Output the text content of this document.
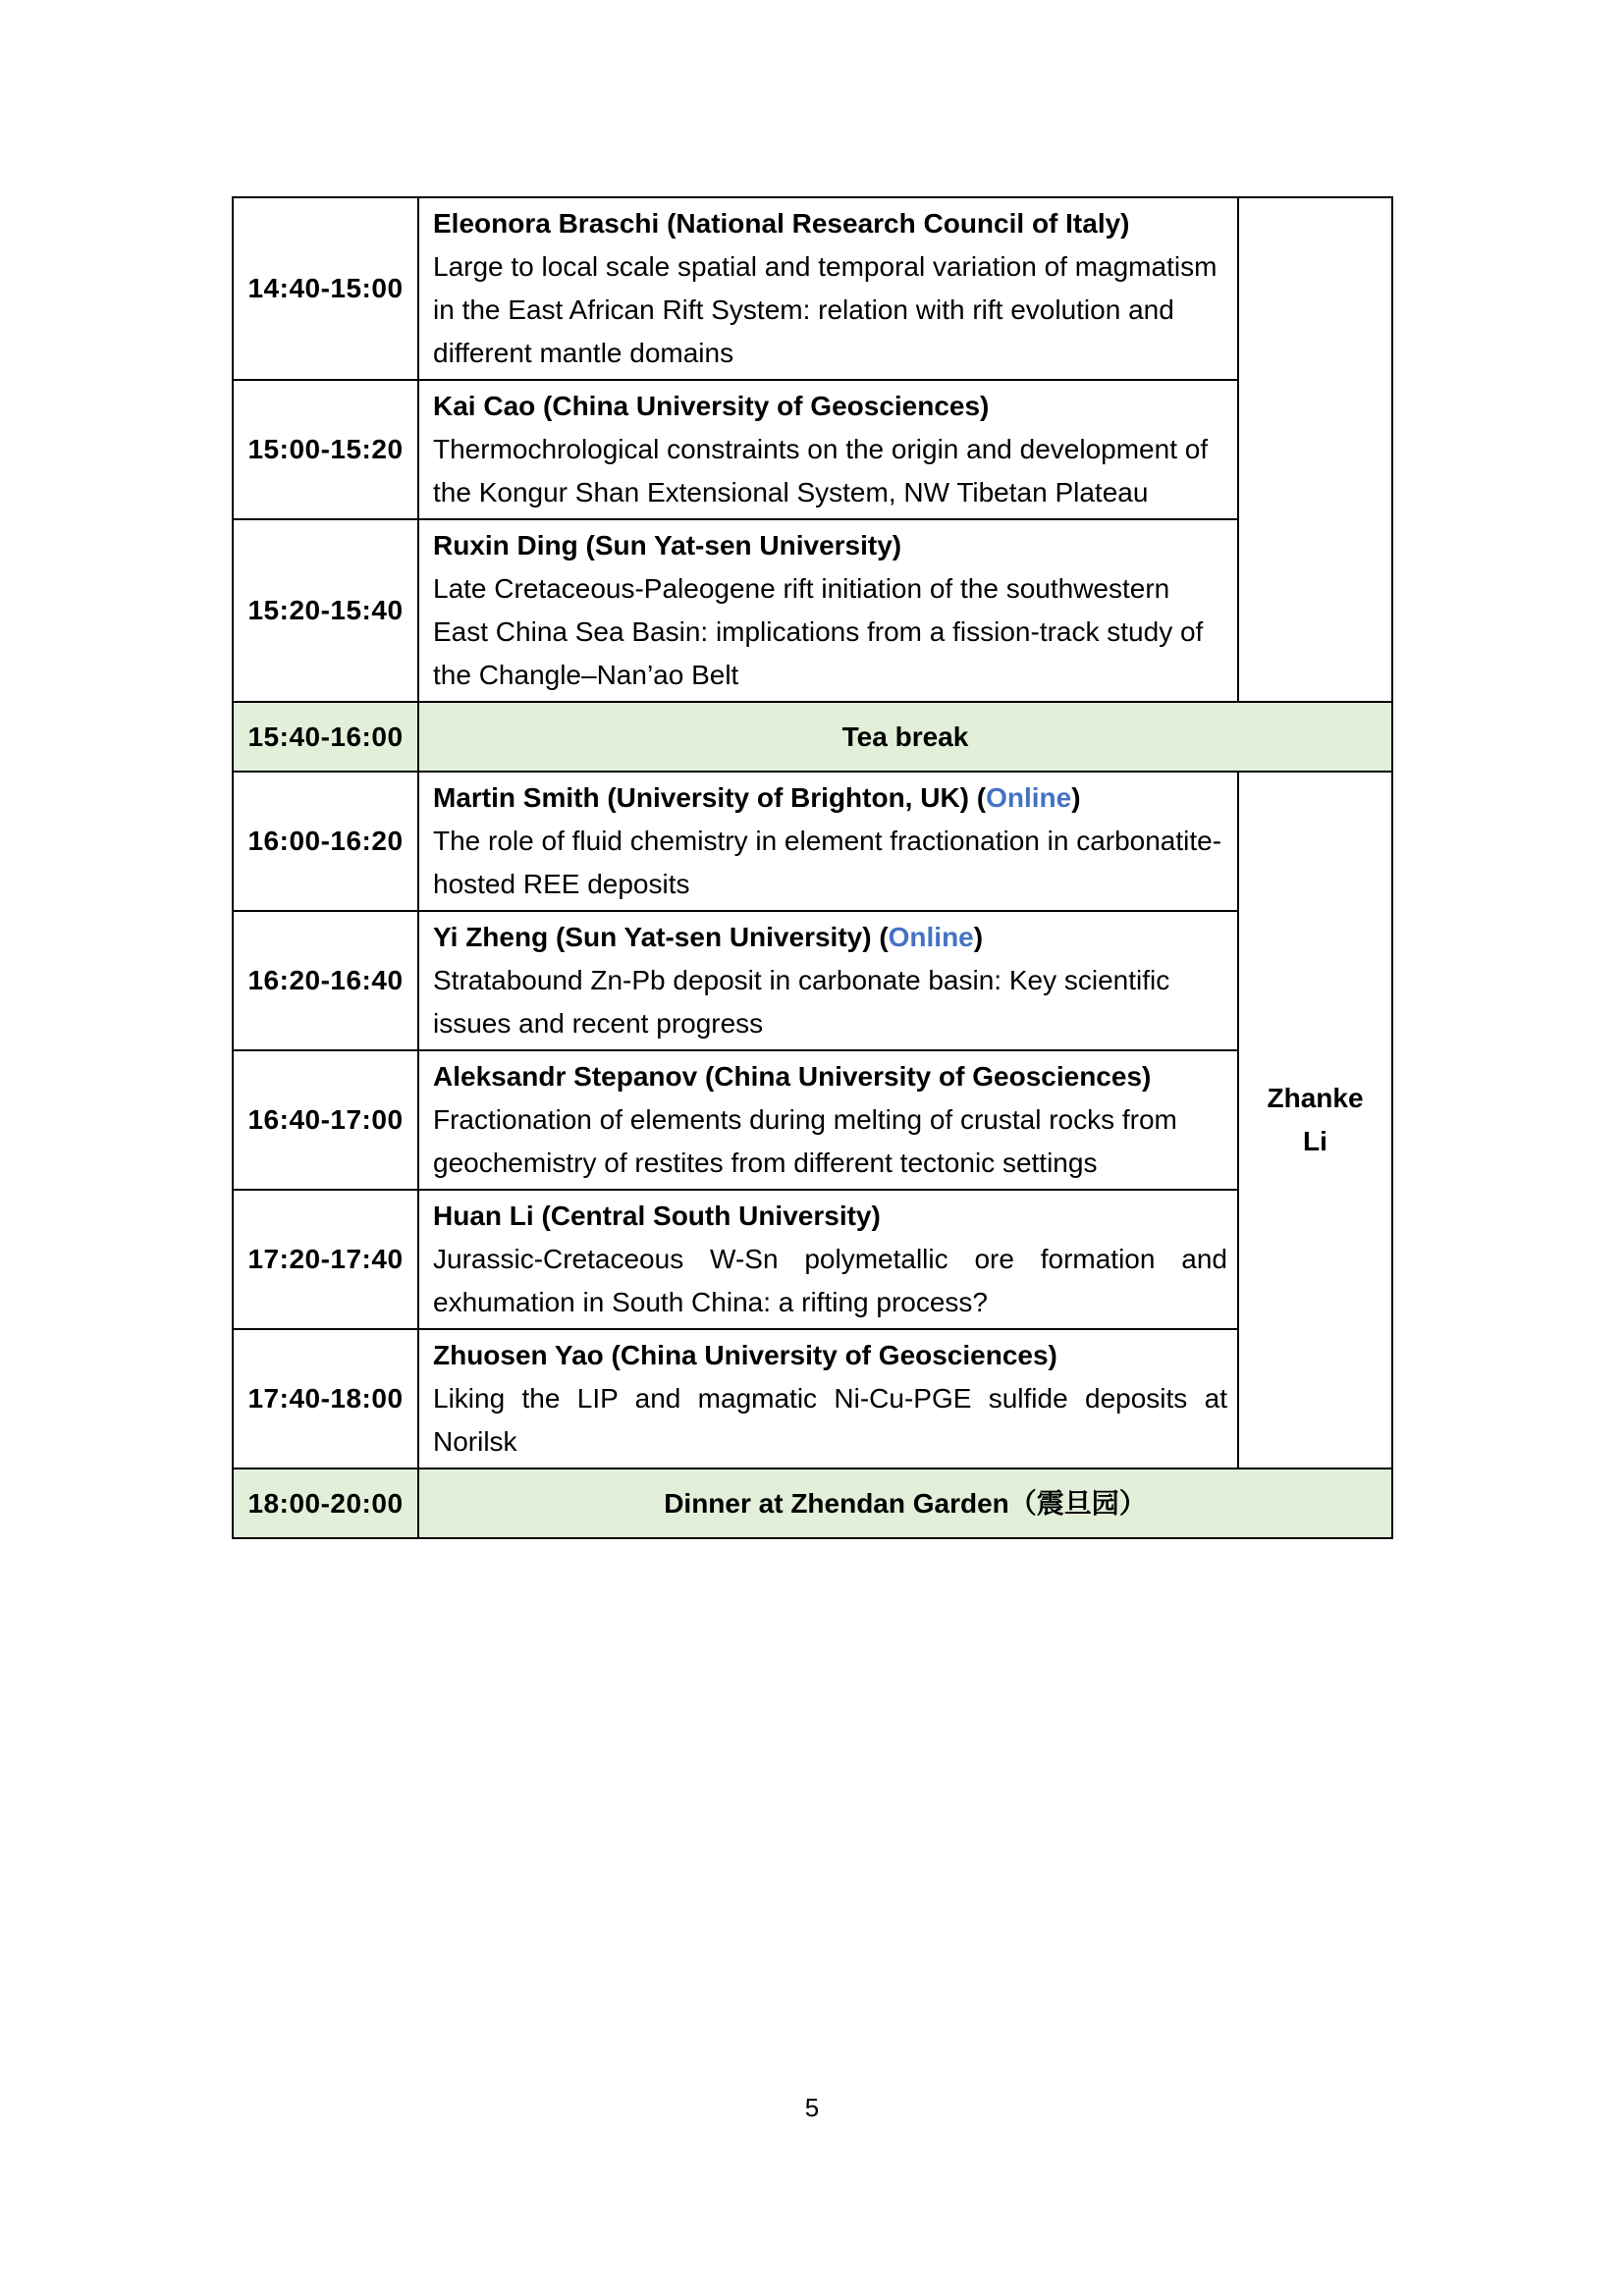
14:40-15:00	Eleonora Braschi (National Research Council of Italy)
Large to local scale spatial and temporal variation of magmatism in the East African Rift System: relation with rift evolution and different mantle domains	

15:00-15:20	Kai Cao (China University of Geosciences)
Thermochrological constraints on the origin and development of the Kongur Shan Extensional System, NW Tibetan Plateau	

15:20-15:40	Ruxin Ding (Sun Yat-sen University)
Late Cretaceous-Paleogene rift initiation of the southwestern East China Sea Basin: implications from a fission-track study of the Changle–Nan’ao Belt	

15:40-16:00	Tea break	
16:00-16:20	Martin Smith (University of Brighton, UK) (Online)
The role of fluid chemistry in element fractionation in carbonatite-hosted REE deposits	Zhanke Li
16:20-16:40	Yi Zheng (Sun Yat-sen University) (Online)
Stratabound Zn-Pb deposit in carbonate basin: Key scientific issues and recent progress	

16:40-17:00	Aleksandr Stepanov (China University of Geosciences)
Fractionation of elements during melting of crustal rocks from geochemistry of restites from different tectonic settings	

17:20-17:40	Huan Li (Central South University)
Jurassic-Cretaceous W-Sn polymetallic ore formation and exhumation in South China: a rifting process?	

17:40-18:00	Zhuosen Yao (China University of Geosciences)
Liking the LIP and magmatic Ni-Cu-PGE sulfide deposits at Norilsk	

18:00-20:00	Dinner at Zhendan Garden（震旦园）	
5
